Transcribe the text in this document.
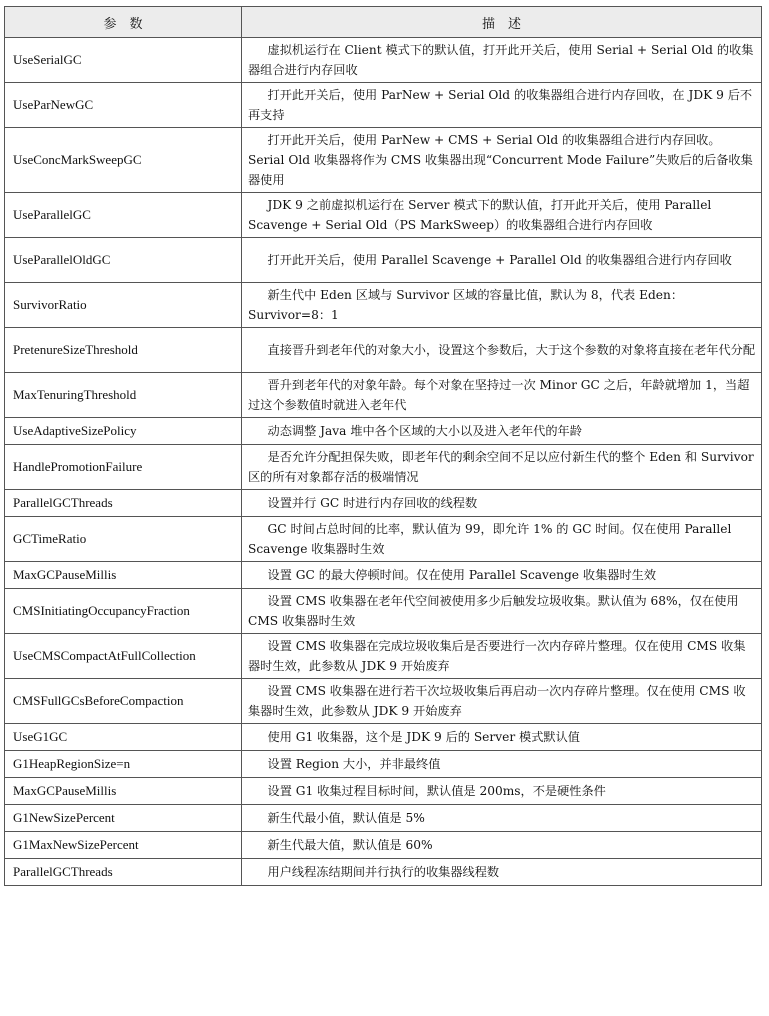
参　数	描　述
UseSerialGC	虚拟机运行在 Client 模式下的默认值，打开此开关后，使用 Serial + Serial Old 的收集器组合进行内存回收
UseParNewGC	打开此开关后，使用 ParNew + Serial Old 的收集器组合进行内存回收，在 JDK 9 后不再支持
UseConcMarkSweepGC	打开此开关后，使用 ParNew + CMS + Serial Old 的收集器组合进行内存回收。Serial Old 收集器将作为 CMS 收集器出现“Concurrent Mode Failure”失败后的后备收集器使用
UseParallelGC	JDK 9 之前虚拟机运行在 Server 模式下的默认值，打开此开关后，使用 Parallel Scavenge + Serial Old（PS MarkSweep）的收集器组合进行内存回收
UseParallelOldGC	打开此开关后，使用 Parallel Scavenge + Parallel Old 的收集器组合进行内存回收
SurvivorRatio	新生代中 Eden 区域与 Survivor 区域的容量比值，默认为 8，代表 Eden：Survivor=8：1
PretenureSizeThreshold	直接晋升到老年代的对象大小，设置这个参数后，大于这个参数的对象将直接在老年代分配
MaxTenuringThreshold	晋升到老年代的对象年龄。每个对象在坚持过一次 Minor GC 之后，年龄就增加 1，当超过这个参数值时就进入老年代
UseAdaptiveSizePolicy	动态调整 Java 堆中各个区域的大小以及进入老年代的年龄
HandlePromotionFailure	是否允许分配担保失败，即老年代的剩余空间不足以应付新生代的整个 Eden 和 Survivor 区的所有对象都存活的极端情况
ParallelGCThreads	设置并行 GC 时进行内存回收的线程数
GCTimeRatio	GC 时间占总时间的比率，默认值为 99，即允许 1% 的 GC 时间。仅在使用 Parallel Scavenge 收集器时生效
MaxGCPauseMillis	设置 GC 的最大停顿时间。仅在使用 Parallel Scavenge 收集器时生效
CMSInitiatingOccupancyFraction	设置 CMS 收集器在老年代空间被使用多少后触发垃圾收集。默认值为 68%，仅在使用 CMS 收集器时生效
UseCMSCompactAtFullCollection	设置 CMS 收集器在完成垃圾收集后是否要进行一次内存碎片整理。仅在使用 CMS 收集器时生效，此参数从 JDK 9 开始废弃
CMSFullGCsBeforeCompaction	设置 CMS 收集器在进行若干次垃圾收集后再启动一次内存碎片整理。仅在使用 CMS 收集器时生效，此参数从 JDK 9 开始废弃
UseG1GC	使用 G1 收集器，这个是 JDK 9 后的 Server 模式默认值
G1HeapRegionSize=n	设置 Region 大小，并非最终值
MaxGCPauseMillis	设置 G1 收集过程目标时间，默认值是 200ms，不是硬性条件
G1NewSizePercent	新生代最小值，默认值是 5%
G1MaxNewSizePercent	新生代最大值，默认值是 60%
ParallelGCThreads	用户线程冻结期间并行执行的收集器线程数
